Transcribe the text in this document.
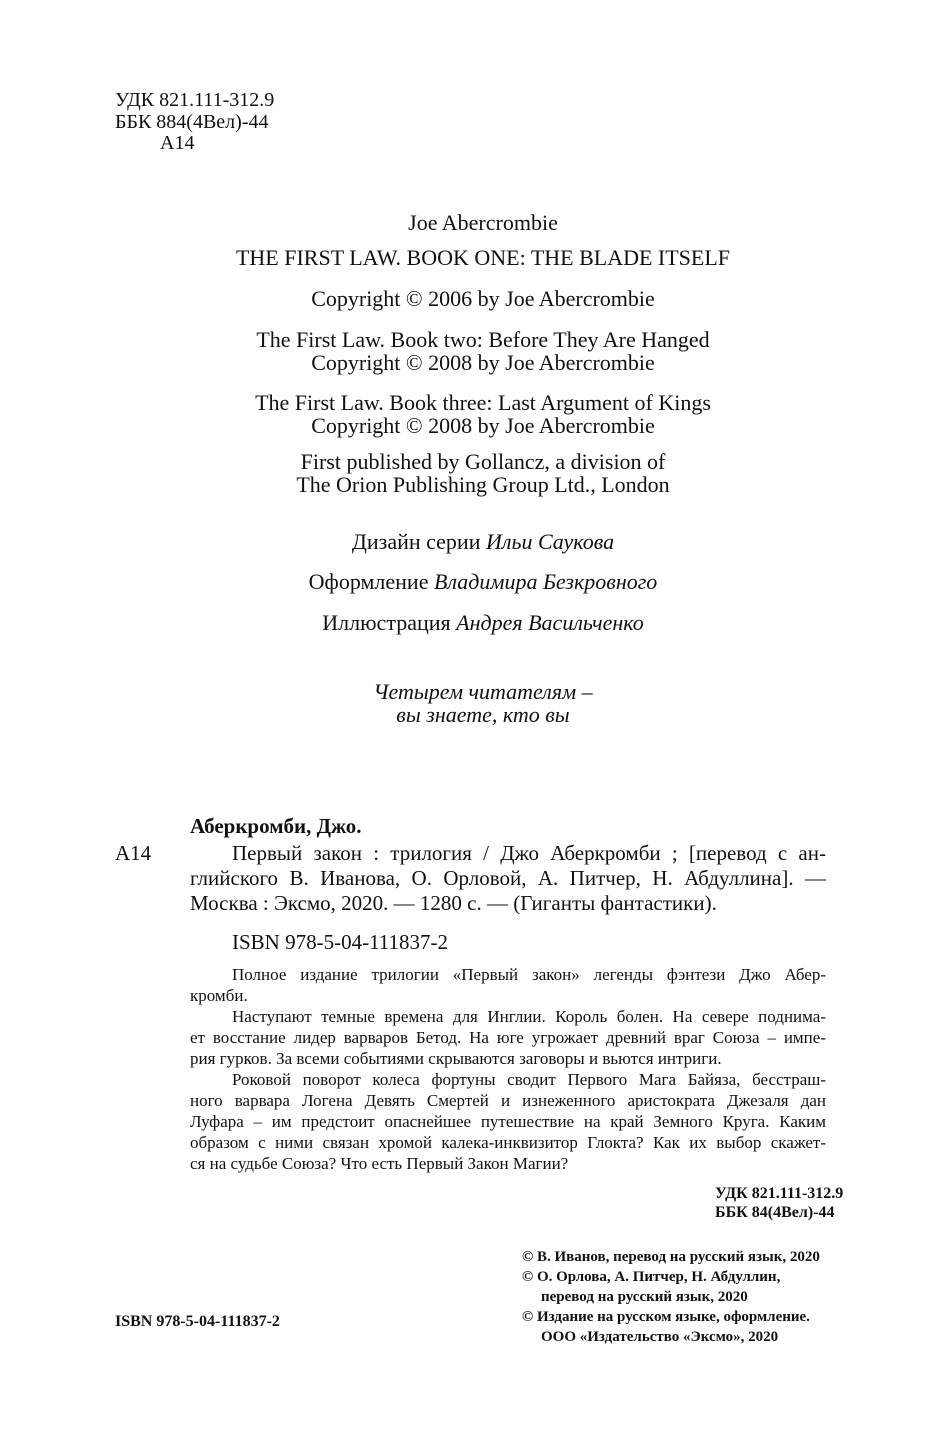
УДК 821.111-312.9
ББК 884(4Вел)-44
А14
Joe Abercrombie
THE FIRST LAW. BOOK ONE: THE BLADE ITSELF
Copyright © 2006 by Joe Abercrombie
The First Law. Book two: Before They Are Hanged
Copyright © 2008 by Joe Abercrombie
The First Law. Book three: Last Argument of Kings
Copyright © 2008 by Joe Abercrombie
First published by Gollancz, a division of
The Orion Publishing Group Ltd., London
Дизайн серии Ильи Саукова
Оформление Владимира Безкровного
Иллюстрация Андрея Васильченко
Четырем читателям –
вы знаете, кто вы
Аберкромби, Джо.
А14	Первый закон : трилогия / Джо Аберкромби ; [перевод с ан-
глийского В. Иванова, О. Орловой, А. Питчер, Н. Абдуллина]. —
Москва : Эксмо, 2020. — 1280 с. — (Гиганты фантастики).
ISBN 978-5-04-111837-2
Полное издание трилогии «Первый закон» легенды фэнтези Джо Абер-
кромби.
Наступают темные времена для Инглии. Король болен. На севере поднима-
ет восстание лидер варваров Бетод. На юге угрожает древний враг Союза – импе-
рия гурков. За всеми событиями скрываются заговоры и вьются интриги.
Роковой поворот колеса фортуны сводит Первого Мага Байяза, бесстраш-
ного варвара Логена Девять Смертей и изнеженного аристократа Джезаля дан
Луфара – им предстоит опаснейшее путешествие на край Земного Круга. Каким
образом с ними связан хромой калека-инквизитор Глокта? Как их выбор скажет-
ся на судьбе Союза? Что есть Первый Закон Магии?
УДК 821.111-312.9
ББК 84(4Вел)-44
© В. Иванов, перевод на русский язык, 2020
© О. Орлова, А. Питчер, Н. Абдуллин,
перевод на русский язык, 2020
© Издание на русском языке, оформление.
ООО «Издательство «Эксмо», 2020
ISBN 978-5-04-111837-2
